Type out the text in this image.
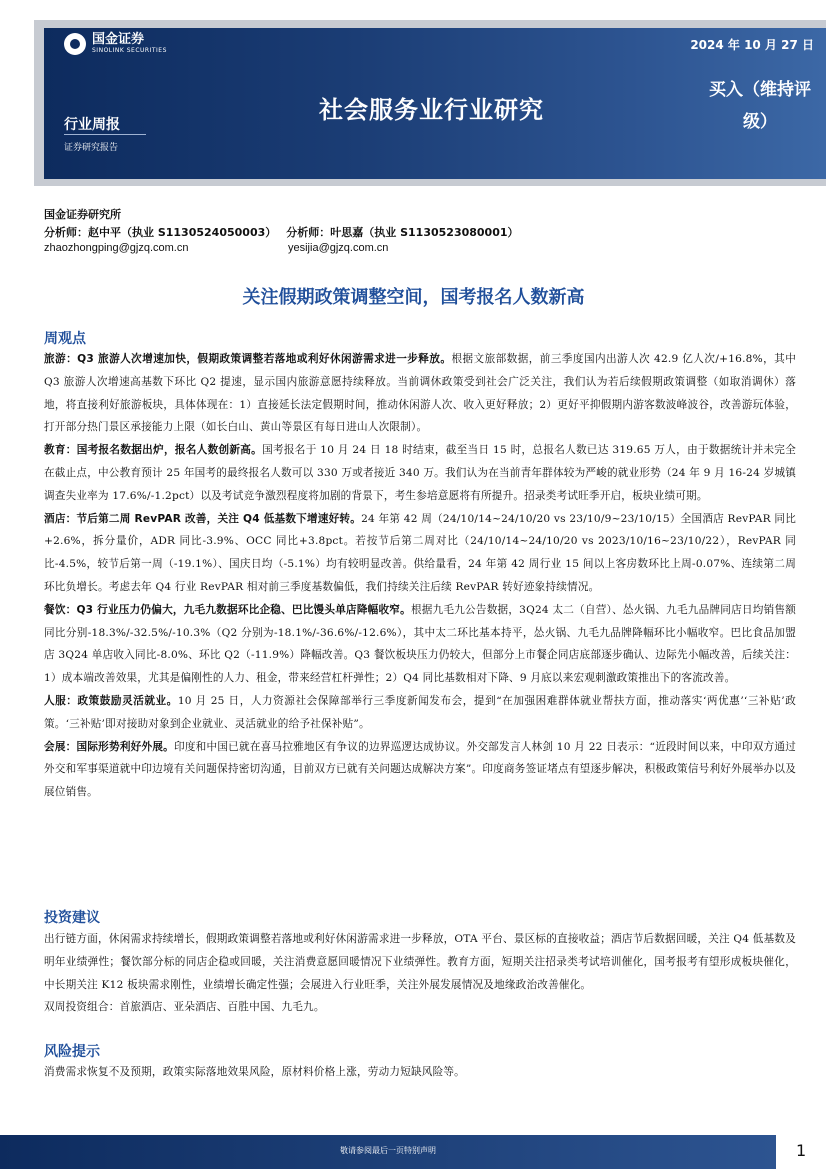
国金证券
SINOLINK SECURITIES	2024 年 10 月 27 日
社会服务业行业研究
买入（维持评
级）
行业周报
证券研究报告
国金证券研究所
分析师：赵中平（执业 S1130524050003） 分析师：叶思嘉（执业 S1130523080001）
zhaozhongping@gjzq.com.cn	yesijia@gjzq.com.cn
关注假期政策调整空间，国考报名人数新高
周观点

旅游：Q3 旅游人次增速加快，假期政策调整若落地或利好休闲游需求进一步释放。根据文旅部数据，前三季度国内出游人次 42.9 亿人次/+16.8%，其中 Q3 旅游人次增速高基数下环比 Q2 提速，显示国内旅游意愿持续释放。当前调休政策受到社会广泛关注，我们认为若后续假期政策调整（如取消调休）落地，将直接利好旅游板块，具体体现在：1）直接延长法定假期时间，推动休闲游人次、收入更好释放；2）更好平抑假期内游客数波峰波谷，改善游玩体验，打开部分热门景区承接能力上限（如长白山、黄山等景区有每日进山人次限制）。

教育：国考报名数据出炉，报名人数创新高。国考报名于 10 月 24 日 18 时结束，截至当日 15 时，总报名人数已达 319.65 万人，由于数据统计并未完全在截止点，中公教育预计 25 年国考的最终报名人数可以 330 万或者接近 340 万。我们认为在当前青年群体较为严峻的就业形势（24 年 9 月 16-24 岁城镇调查失业率为 17.6%/-1.2pct）以及考试竞争激烈程度将加剧的背景下，考生参培意愿将有所提升。招录类考试旺季开启，板块业绩可期。

酒店：节后第二周 RevPAR 改善，关注 Q4 低基数下增速好转。24 年第 42 周（24/10/14~24/10/20 vs 23/10/9~23/10/15）全国酒店 RevPAR 同比+2.6%，拆分量价，ADR 同比-3.9%、OCC 同比+3.8pct。若按节后第二周对比（24/10/14~24/10/20 vs 2023/10/16~23/10/22），RevPAR 同比-4.5%，较节后第一周（-19.1%）、国庆日均（-5.1%）均有较明显改善。供给量看，24 年第 42 周行业 15 间以上客房数环比上周-0.07%、连续第二周环比负增长。考虑去年 Q4 行业 RevPAR 相对前三季度基数偏低，我们持续关注后续 RevPAR 转好迹象持续情况。

餐饮：Q3 行业压力仍偏大，九毛九数据环比企稳、巴比馒头单店降幅收窄。根据九毛九公告数据，3Q24 太二（自营）、怂火锅、九毛九品牌同店日均销售额同比分别-18.3%/-32.5%/-10.3%（Q2 分别为-18.1%/-36.6%/-12.6%），其中太二环比基本持平，怂火锅、九毛九品牌降幅环比小幅收窄。巴比食品加盟店 3Q24 单店收入同比-8.0%、环比 Q2（-11.9%）降幅改善。Q3 餐饮板块压力仍较大，但部分上市餐企同店底部逐步确认、边际先小幅改善，后续关注：1）成本端改善效果，尤其是偏刚性的人力、租金，带来经营杠杆弹性；2）Q4 同比基数相对下降、9 月底以来宏观刺激政策推出下的客流改善。

人服：政策鼓励灵活就业。10 月 25 日，人力资源社会保障部举行三季度新闻发布会，提到“在加强困难群体就业帮扶方面，推动落实‘两优惠’‘三补贴’政策。‘三补贴’即对接助对象到企业就业、灵活就业的给予社保补贴”。

会展：国际形势利好外展。印度和中国已就在喜马拉雅地区有争议的边界巡逻达成协议。外交部发言人林剑 10 月 22 日表示：“近段时间以来，中印双方通过外交和军事渠道就中印边境有关问题保持密切沟通，目前双方已就有关问题达成解决方案”。印度商务签证堵点有望逐步解决，积极政策信号利好外展举办以及展位销售。

投资建议

出行链方面，休闲需求持续增长，假期政策调整若落地或利好休闲游需求进一步释放，OTA 平台、景区标的直接收益；酒店节后数据回暖，关注 Q4 低基数及明年业绩弹性；餐饮部分标的同店企稳或回暖，关注消费意愿回暖情况下业绩弹性。教育方面，短期关注招录类考试培训催化，国考报考有望形成板块催化，中长期关注 K12 板块需求刚性，业绩增长确定性强；会展进入行业旺季，关注外展发展情况及地缘政治改善催化。

双周投资组合：首旅酒店、亚朵酒店、百胜中国、九毛九。

风险提示

消费需求恢复不及预期，政策实际落地效果风险，原材料价格上涨，劳动力短缺风险等。

敬请参阅最后一页特别声明	1
